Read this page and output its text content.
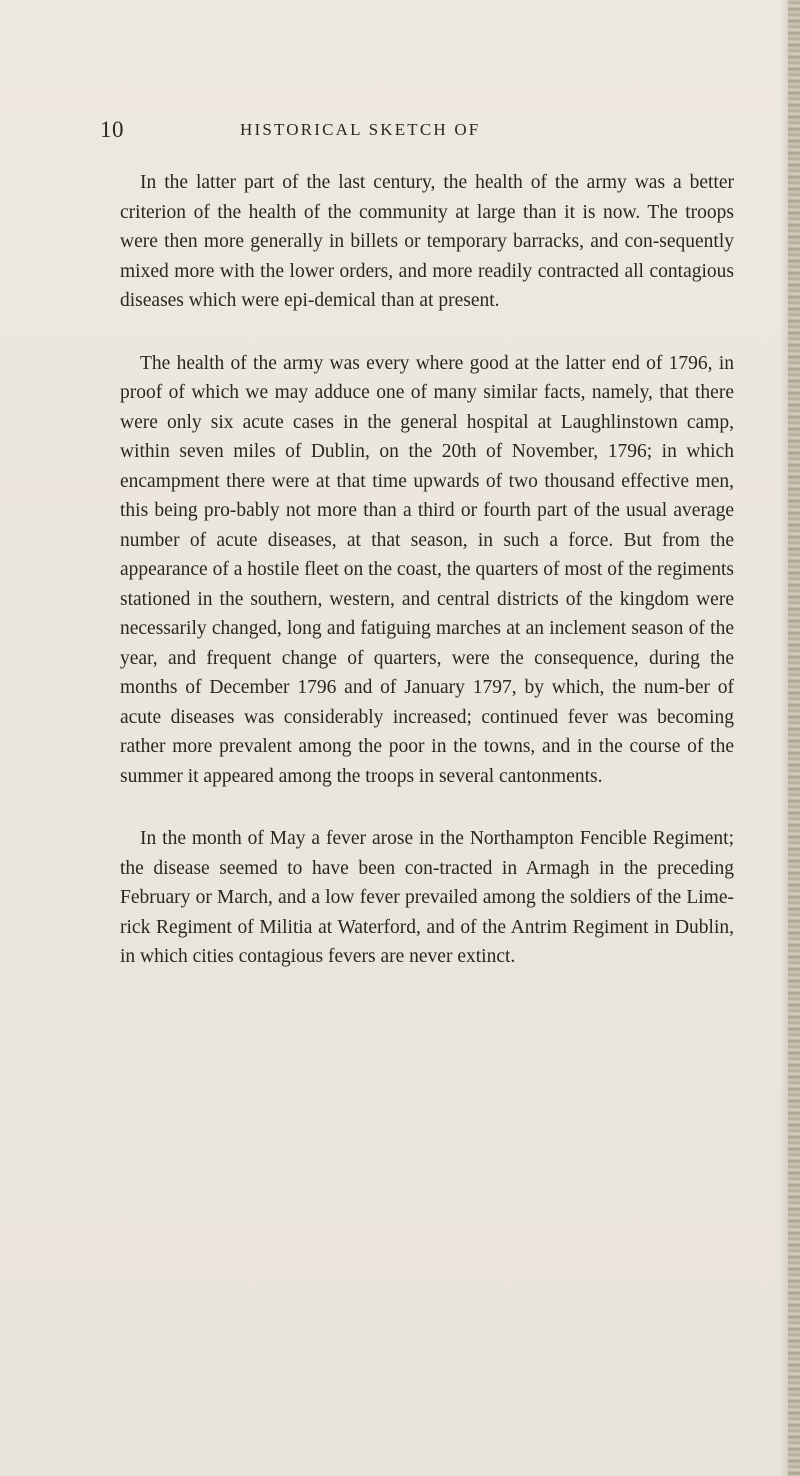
10	HISTORICAL SKETCH OF

In the latter part of the last century, the health of the army was a better criterion of the health of the community at large than it is now. The troops were then more generally in billets or temporary barracks, and con-sequently mixed more with the lower orders, and more readily contracted all contagious diseases which were epi-demical than at present.

The health of the army was every where good at the latter end of 1796, in proof of which we may adduce one of many similar facts, namely, that there were only six acute cases in the general hospital at Laughlinstown camp, within seven miles of Dublin, on the 20th of November, 1796; in which encampment there were at that time upwards of two thousand effective men, this being pro-bably not more than a third or fourth part of the usual average number of acute diseases, at that season, in such a force. But from the appearance of a hostile fleet on the coast, the quarters of most of the regiments stationed in the southern, western, and central districts of the kingdom were necessarily changed, long and fatiguing marches at an inclement season of the year, and frequent change of quarters, were the consequence, during the months of December 1796 and of January 1797, by which, the num-ber of acute diseases was considerably increased; continued fever was becoming rather more prevalent among the poor in the towns, and in the course of the summer it appeared among the troops in several cantonments.

In the month of May a fever arose in the Northampton Fencible Regiment; the disease seemed to have been con-tracted in Armagh in the preceding February or March, and a low fever prevailed among the soldiers of the Lime-rick Regiment of Militia at Waterford, and of the Antrim Regiment in Dublin, in which cities contagious fevers are never extinct.
